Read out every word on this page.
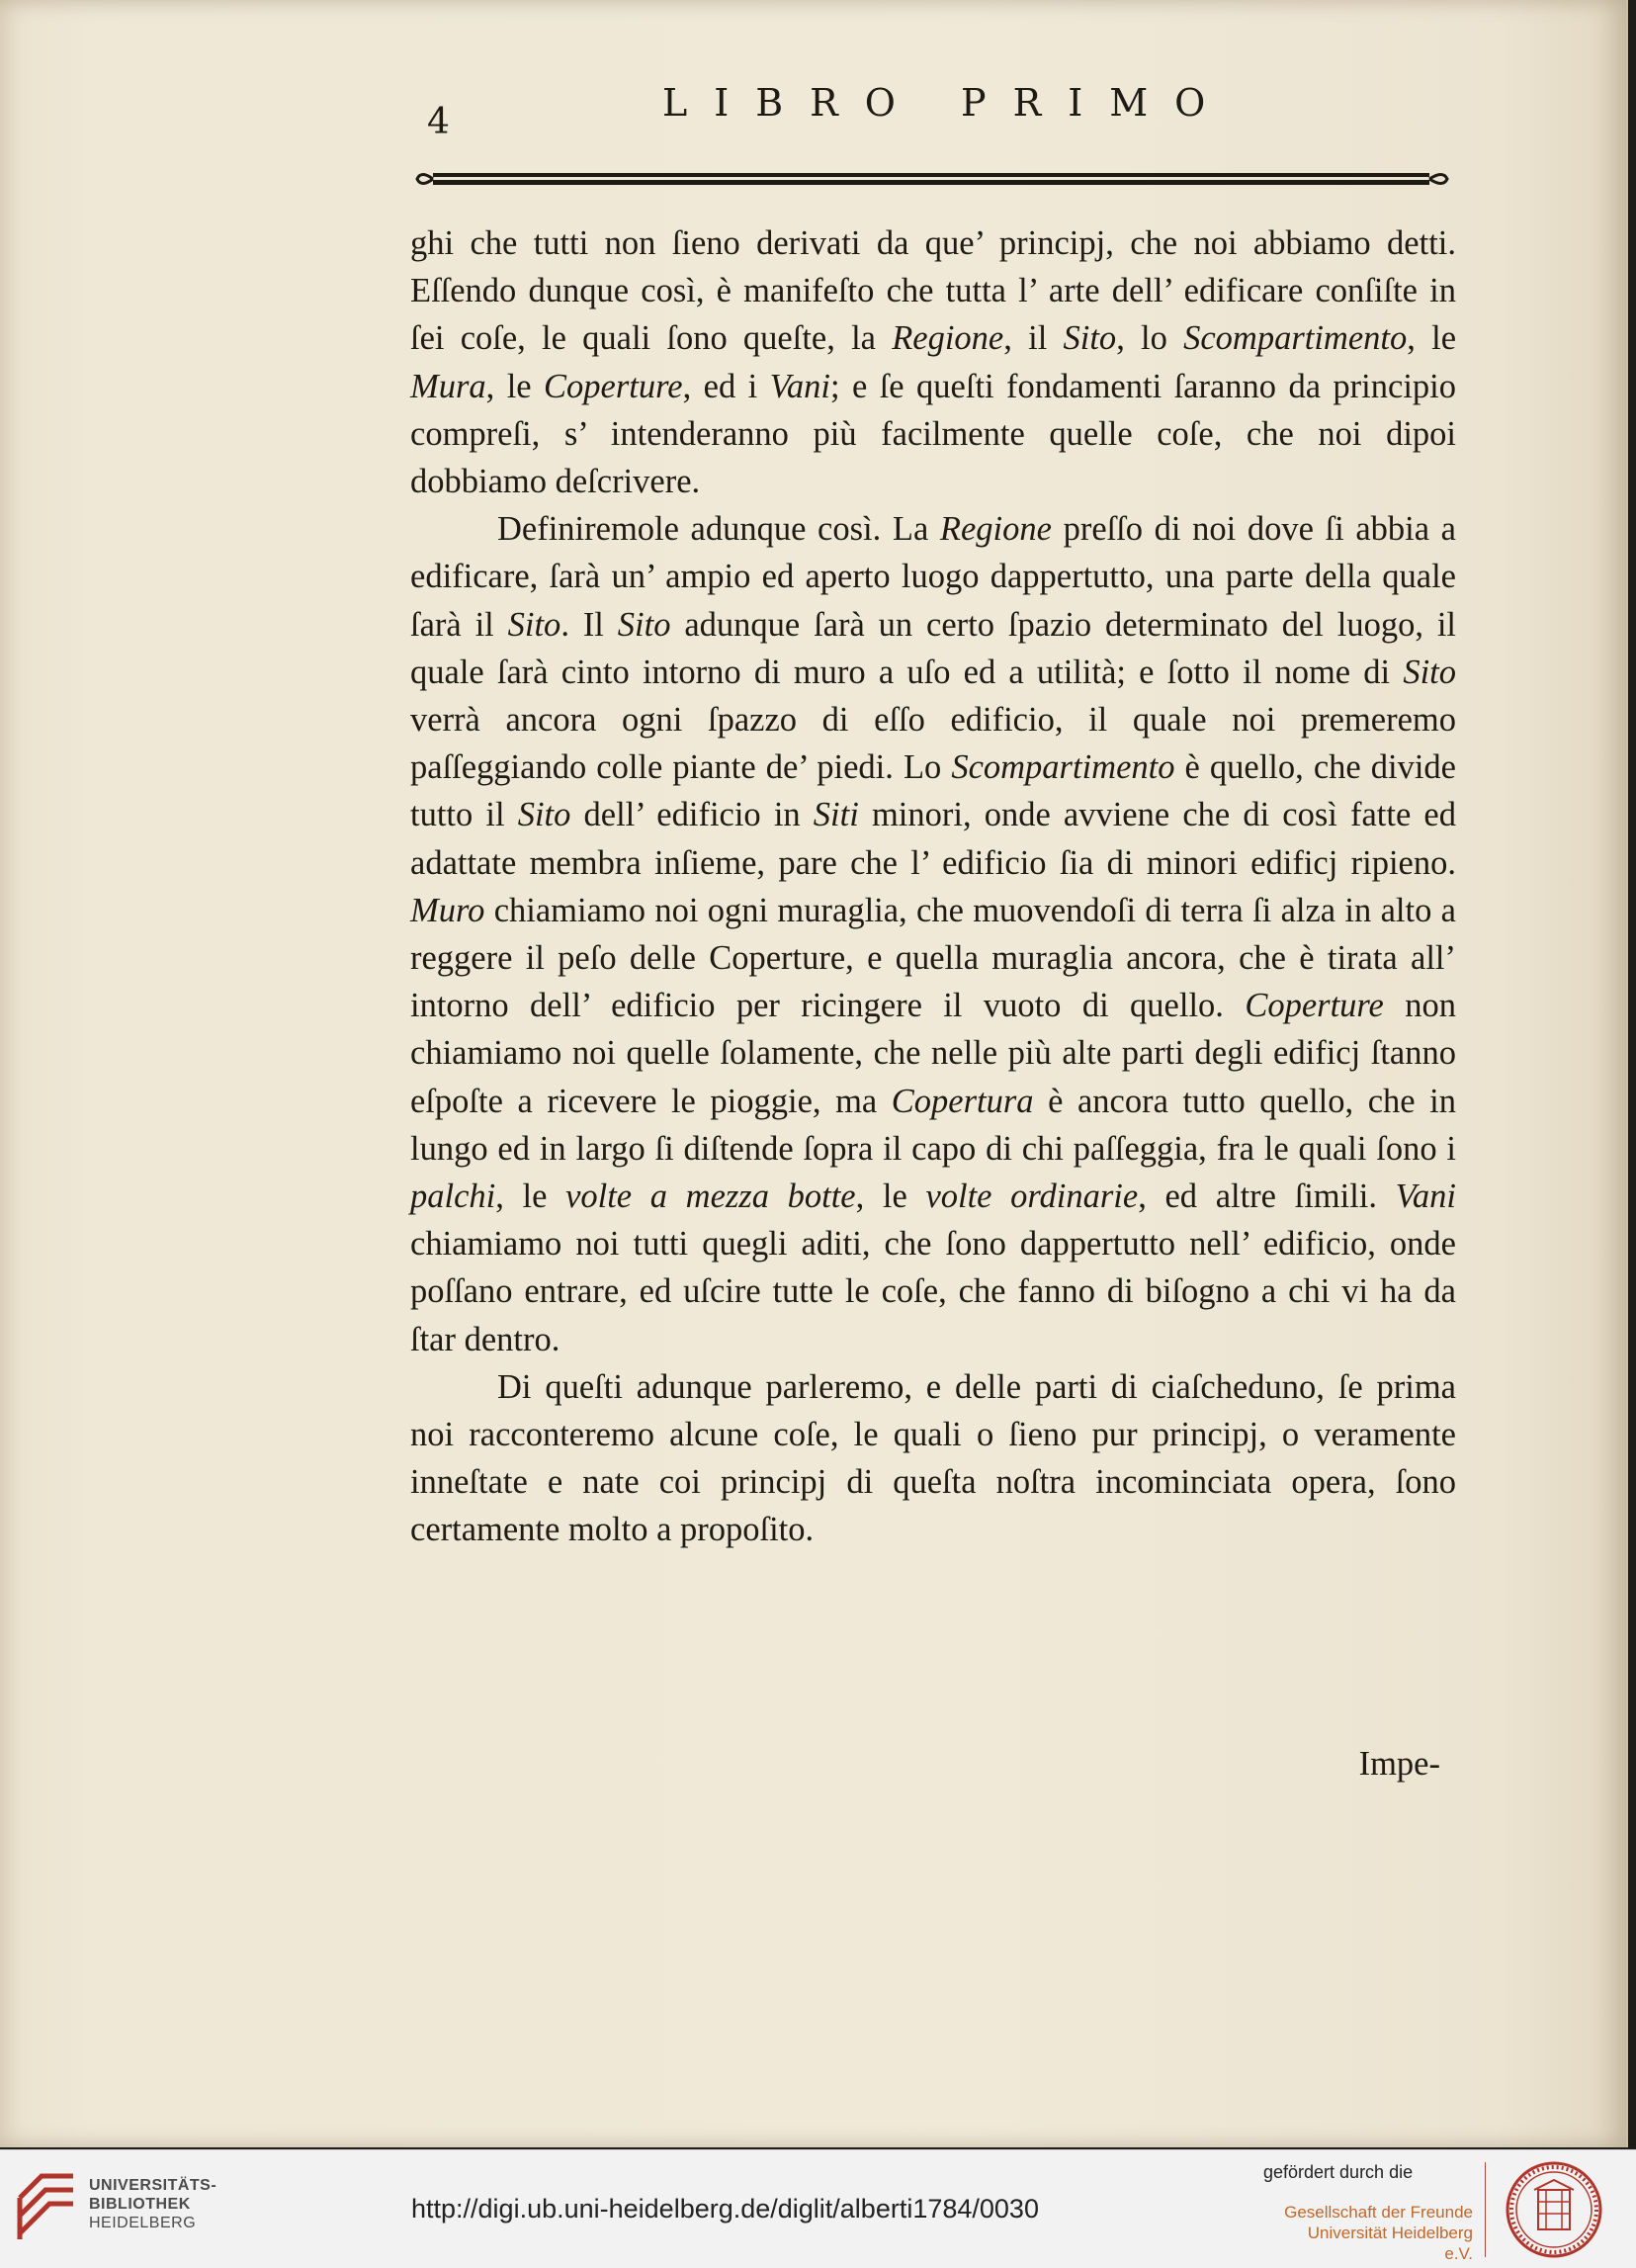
4	LIBRO PRIMO

ghi che tutti non ſieno derivati da que’ principj, che noi abbiamo detti. Eſſendo dunque così, è manifeſto che tutta l’ arte dell’ edificare conſiſte in ſei coſe, le quali ſono queſte, la Regione, il Sito, lo Scompartimento, le Mura, le Coperture, ed i Vani; e ſe queſti fondamenti ſaranno da principio compreſi, s’ intenderanno più facilmente quelle coſe, che noi dipoi dobbiamo deſcrivere.

Definiremole adunque così. La Regione preſſo di noi dove ſi abbia a edificare, ſarà un’ ampio ed aperto luogo dappertutto, una parte della quale ſarà il Sito. Il Sito adunque ſarà un certo ſpazio determinato del luogo, il quale ſarà cinto intorno di muro a uſo ed a utilità; e ſotto il nome di Sito verrà ancora ogni ſpazzo di eſſo edificio, il quale noi premeremo paſſeggiando colle piante de’ piedi. Lo Scompartimento è quello, che divide tutto il Sito dell’ edificio in Siti minori, onde avviene che di così fatte ed adattate membra inſieme, pare che l’ edificio ſia di minori edificj ripieno. Muro chiamiamo noi ogni muraglia, che muovendoſi di terra ſi alza in alto a reggere il peſo delle Coperture, e quella muraglia ancora, che è tirata all’ intorno dell’ edificio per ricingere il vuoto di quello. Coperture non chiamiamo noi quelle ſolamente, che nelle più alte parti degli edificj ſtanno eſpoſte a ricevere le pioggie, ma Copertura è ancora tutto quello, che in lungo ed in largo ſi diſtende ſopra il capo di chi paſſeggia, fra le quali ſono i palchi, le volte a mezza botte, le volte ordinarie, ed altre ſimili. Vani chiamiamo noi tutti quegli aditi, che ſono dappertutto nell’ edificio, onde poſſano entrare, ed uſcire tutte le coſe, che fanno di biſogno a chi vi ha da ſtar dentro.

Di queſti adunque parleremo, e delle parti di ciaſcheduno, ſe prima noi racconteremo alcune coſe, le quali o ſieno pur principj, o veramente inneſtate e nate coi principj di queſta noſtra incominciata opera, ſono certamente molto a propoſito.

Impe-
UNIVERSITÄTS-
BIBLIOTHEK
HEIDELBERG	http://digi.ub.uni-heidelberg.de/diglit/alberti1784/0030
gefördert durch die
Gesellschaft der Freunde
Universität Heidelberg e.V.
